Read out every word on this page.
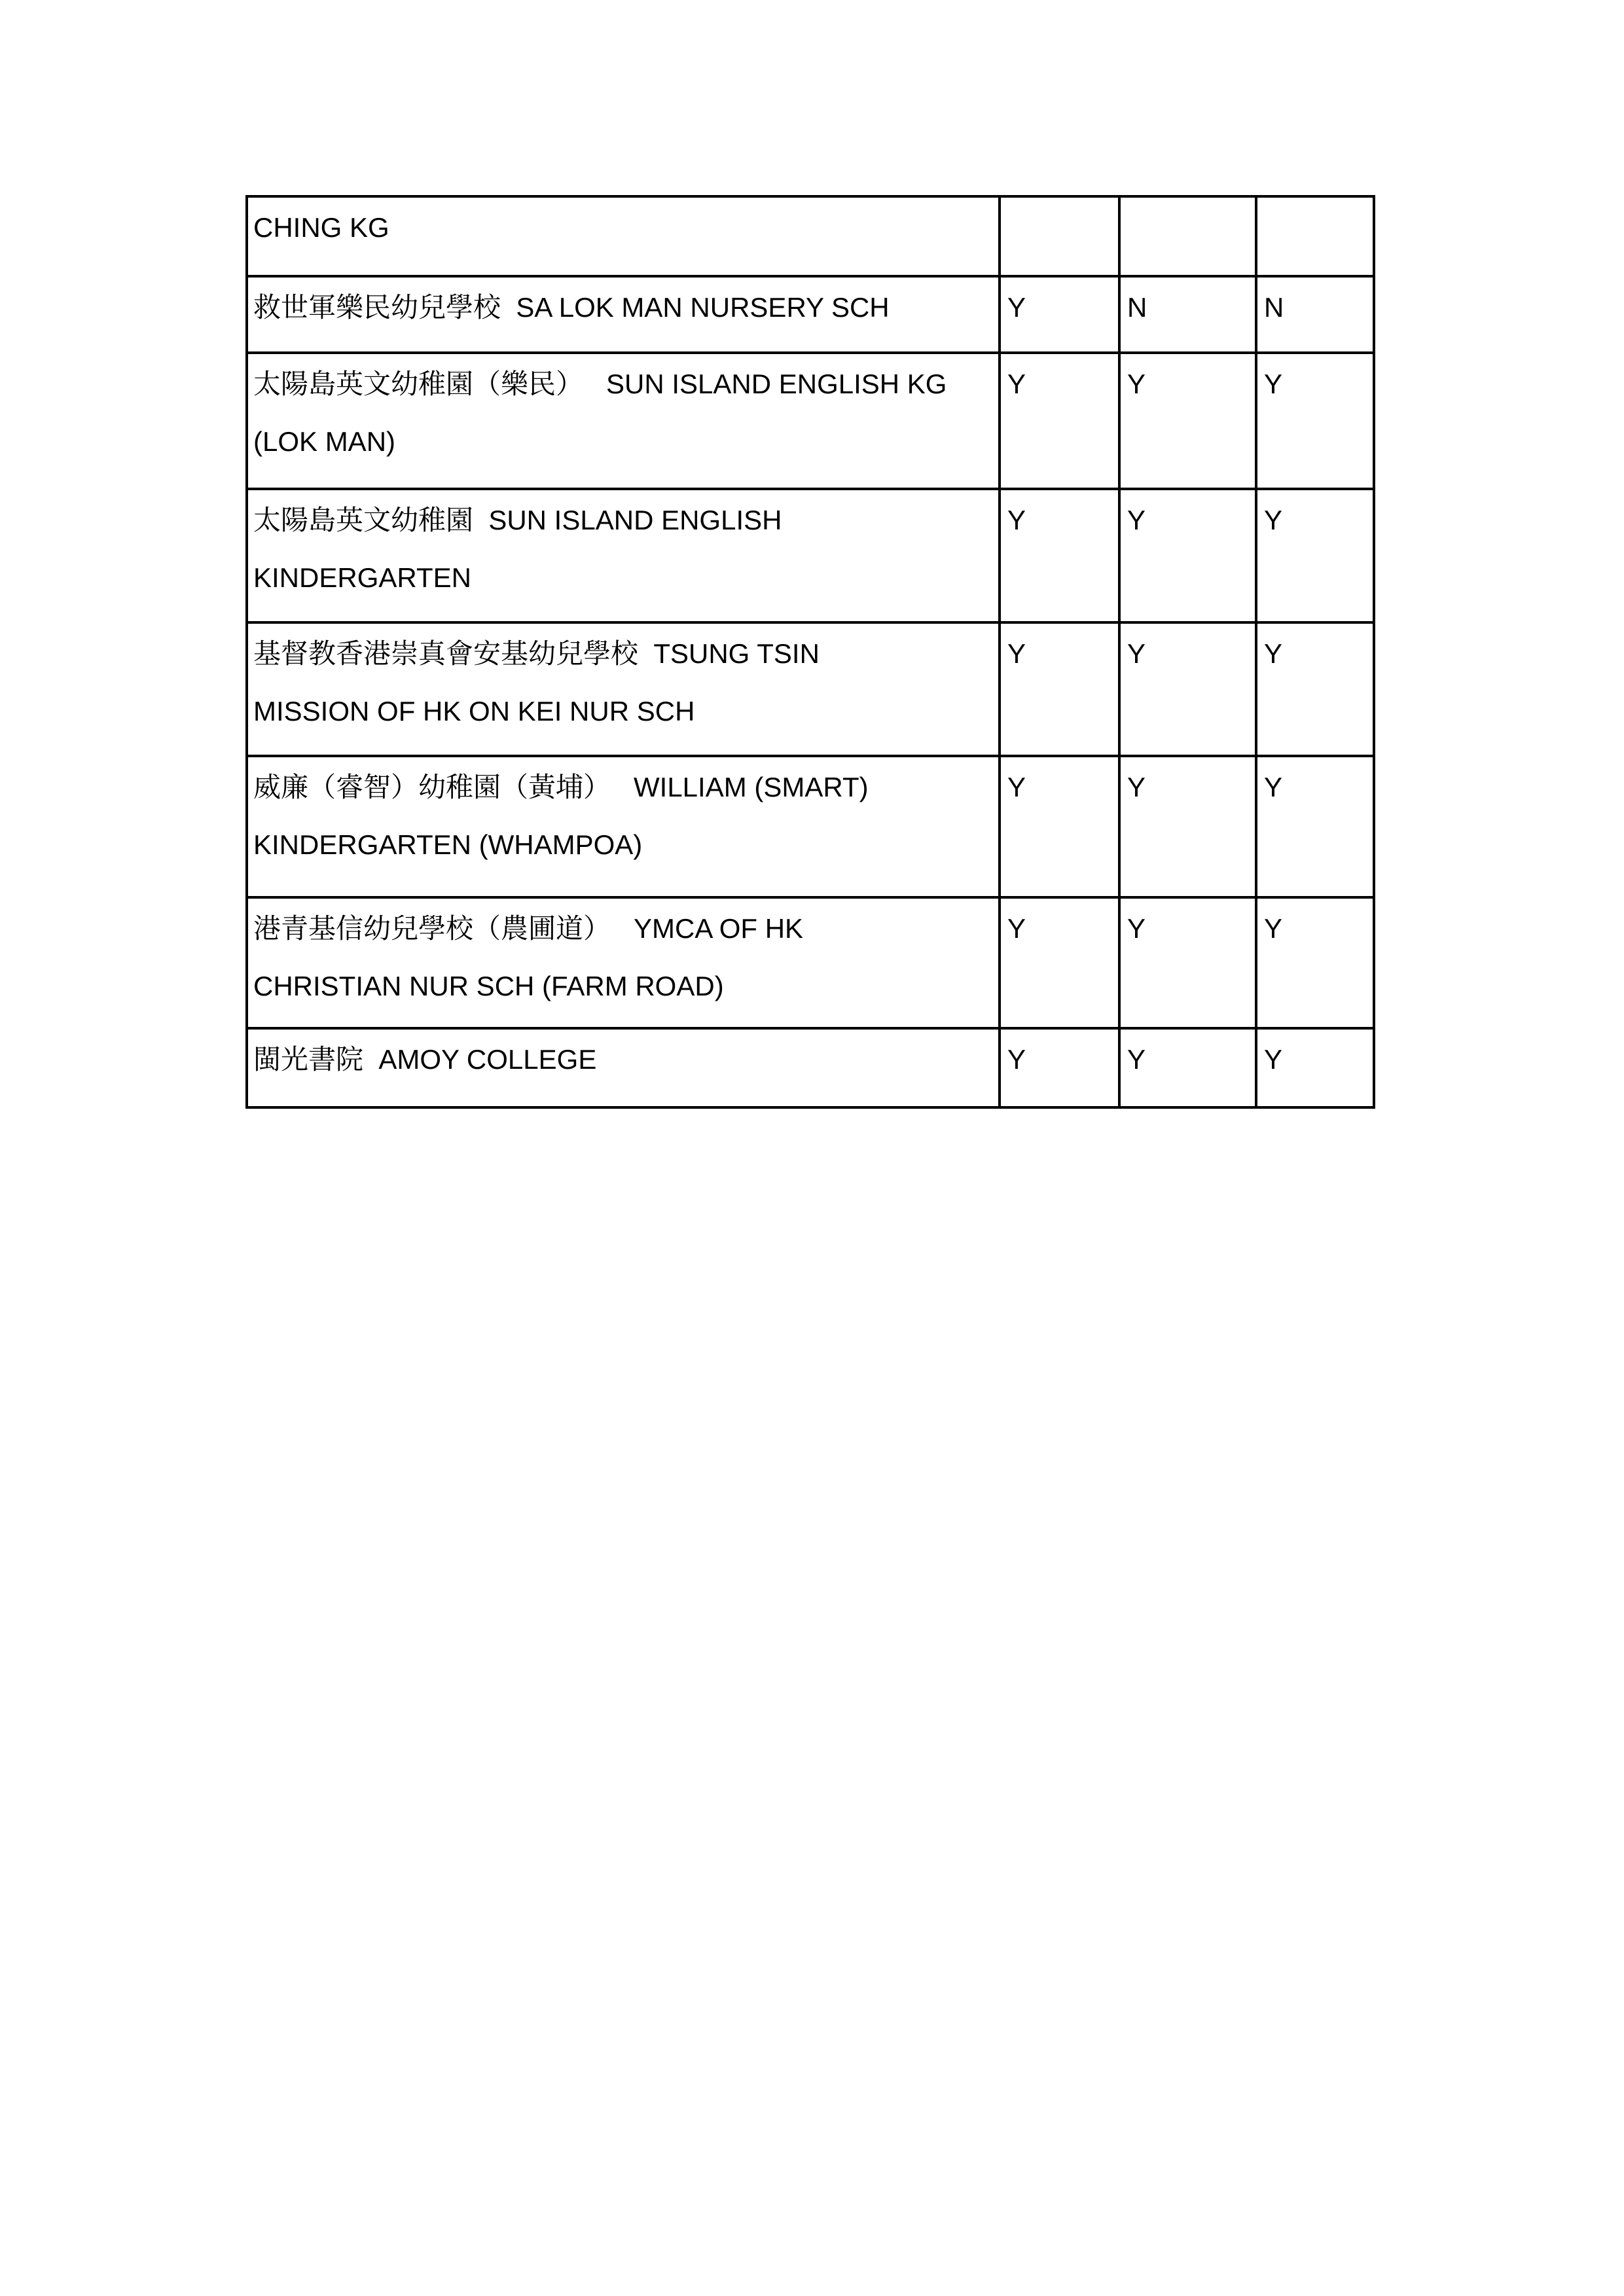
CHING KG			

救世軍樂民幼兒學校  SA LOK MAN NURSERY SCH	Y	N	N

太陽島英文幼稚園（樂民）   SUN ISLAND ENGLISH KG
(LOK MAN)	Y	Y	Y

太陽島英文幼稚園  SUN ISLAND ENGLISH
KINDERGARTEN	Y	Y	Y

基督教香港崇真會安基幼兒學校  TSUNG TSIN
MISSION OF HK ON KEI NUR SCH	Y	Y	Y

威廉（睿智）幼稚園（黃埔）   WILLIAM (SMART)
KINDERGARTEN (WHAMPOA)	Y	Y	Y

港青基信幼兒學校（農圃道）   YMCA OF HK
CHRISTIAN NUR SCH (FARM ROAD)	Y	Y	Y

閩光書院  AMOY COLLEGE	Y	Y	Y
